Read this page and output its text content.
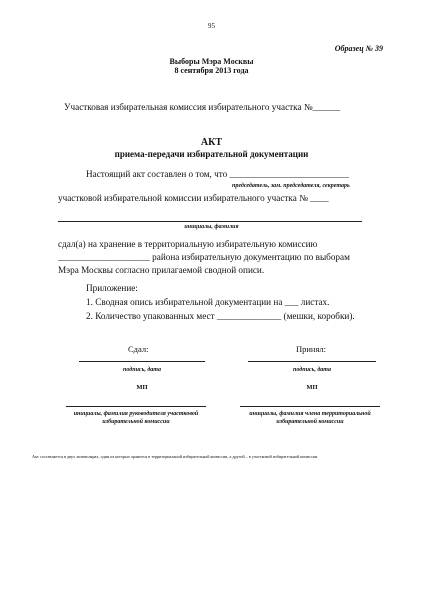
95
Образец № 39
Выборы Мэра Москвы
8 сентября 2013 года
Участковая избирательная комиссия избирательного участка №______
АКТ
приема-передачи избирательной документации
Настоящий акт составлен о том, что __________________________
председатель, зам. председателя, секретарь
участковой избирательной комиссии избирательного участка № ____
инициалы, фамилия
сдал(а) на хранение в территориальную избирательную комиссию
____________________ района избирательную документацию по выборам
Мэра Москвы согласно прилагаемой сводной описи.
Приложение:
1. Сводная опись избирательной документации на ___ листах.
2. Количество упакованных мест ______________ (мешки, коробки).
Сдал:	Принял:
подпись, дата	подпись, дата
МП	МП
инициалы, фамилия руководителя участковой избирательной комиссии
инициалы, фамилия члена территориальной избирательной комиссии
Акт составляется в двух экземплярах, один из которых хранится в территориальной избирательной комиссии, а другой – в участковой избирательной комиссии.
